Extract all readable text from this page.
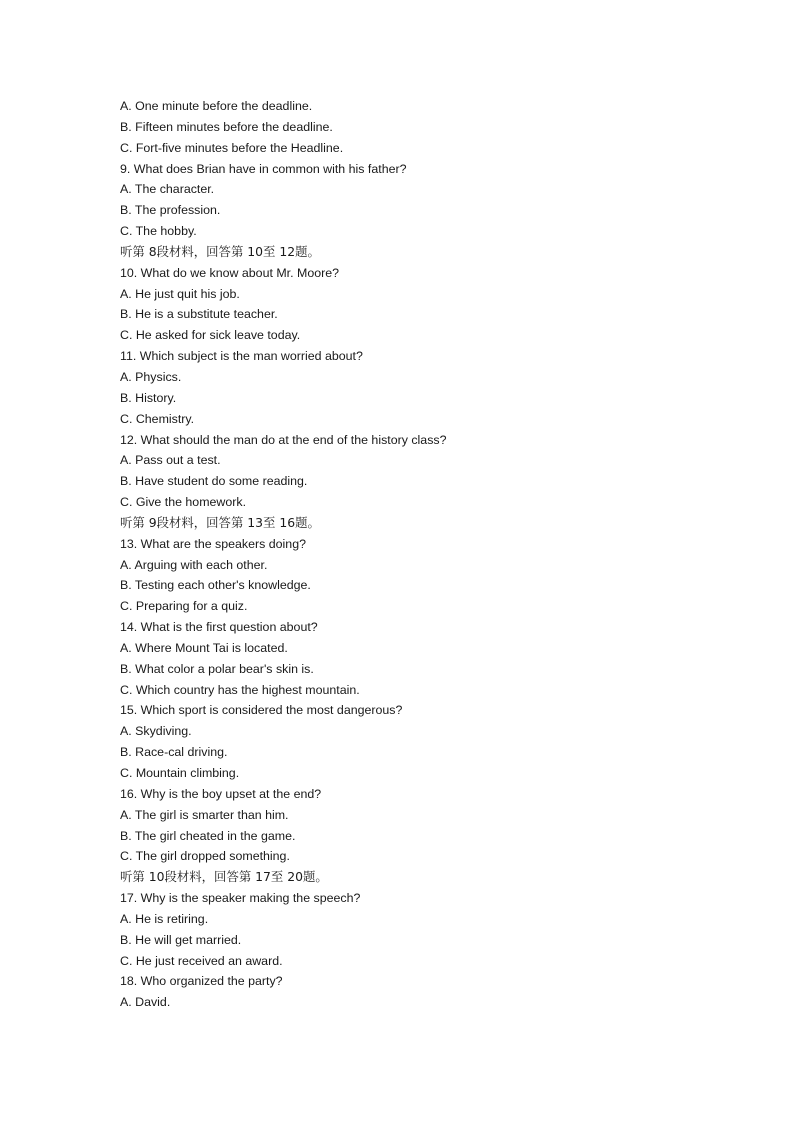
A. One minute before the deadline.
B. Fifteen minutes before the deadline.
C. Fort-five minutes before the Headline.
9. What does Brian have in common with his father?
A. The character.
B. The profession.
C. The hobby.
听第 8段材料，回答第 10至 12题。
10. What do we know about Mr. Moore?
A. He just quit his job.
B. He is a substitute teacher.
C. He asked for sick leave today.
11. Which subject is the man worried about?
A. Physics.
B. History.
C. Chemistry.
12. What should the man do at the end of the history class?
A. Pass out a test.
B. Have student do some reading.
C. Give the homework.
听第 9段材料，回答第 13至 16题。
13. What are the speakers doing?
A. Arguing with each other.
B. Testing each other's knowledge.
C. Preparing for a quiz.
14. What is the first question about?
A. Where Mount Tai is located.
B. What color a polar bear's skin is.
C. Which country has the highest mountain.
15. Which sport is considered the most dangerous?
A. Skydiving.
B. Race-cal driving.
C. Mountain climbing.
16. Why is the boy upset at the end?
A. The girl is smarter than him.
B. The girl cheated in the game.
C. The girl dropped something.
听第 10段材料，回答第 17至 20题。
17. Why is the speaker making the speech?
A. He is retiring.
B. He will get married.
C. He just received an award.
18. Who organized the party?
A. David.
